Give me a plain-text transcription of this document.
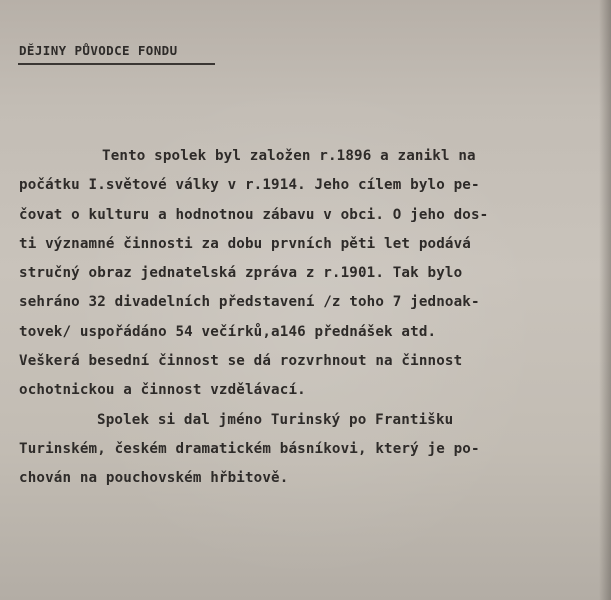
DĚJINY PŮVODCE FONDU
Tento spolek byl založen r.1896 a zanikl na
počátku I.světové války v r.1914. Jeho cílem bylo pe-
čovat o kulturu a hodnotnou zábavu v obci. O jeho dos-
ti významné činnosti za dobu prvních pěti let podává
stručný obraz jednatelská zpráva z r.1901. Tak bylo
sehráno 32 divadelních představení /z toho 7 jednoak-
tovek/ uspořádáno 54 večírků,a146 přednášek atd.
Veškerá besední činnost se dá rozvrhnout na činnost
ochotnickou a činnost vzdělávací.
Spolek si dal jméno Turinský po Františku
Turinském, českém dramatickém básníkovi, který je po-
chován na pouchovském hřbitově.
